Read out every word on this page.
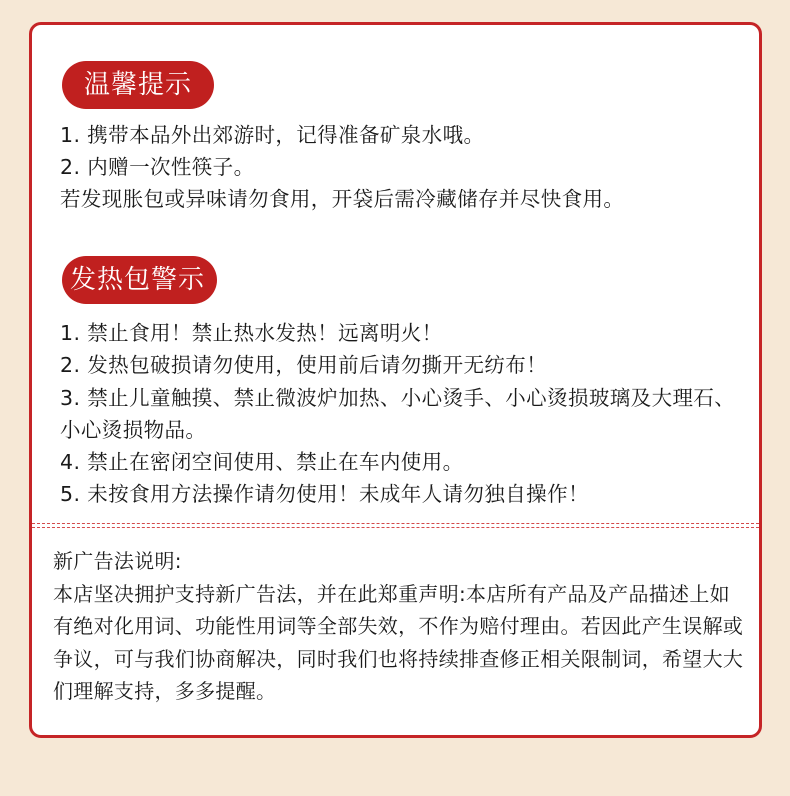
温馨提示
1. 携带本品外出郊游时，记得准备矿泉水哦。
2. 内赠一次性筷子。
若发现胀包或异味请勿食用，开袋后需冷藏储存并尽快食用。
发热包警示
1. 禁止食用！禁止热水发热！远离明火！
2. 发热包破损请勿使用，使用前后请勿撕开无纺布！
3. 禁止儿童触摸、禁止微波炉加热、小心烫手、小心烫损玻璃及大理石、小心烫损物品。
4. 禁止在密闭空间使用、禁止在车内使用。
5. 未按食用方法操作请勿使用！未成年人请勿独自操作！
新广告法说明:
本店坚决拥护支持新广告法，并在此郑重声明:本店所有产品及产品描述上如有绝对化用词、功能性用词等全部失效，不作为赔付理由。若因此产生误解或争议，可与我们协商解决，同时我们也将持续排查修正相关限制词，希望大大们理解支持，多多提醒。
